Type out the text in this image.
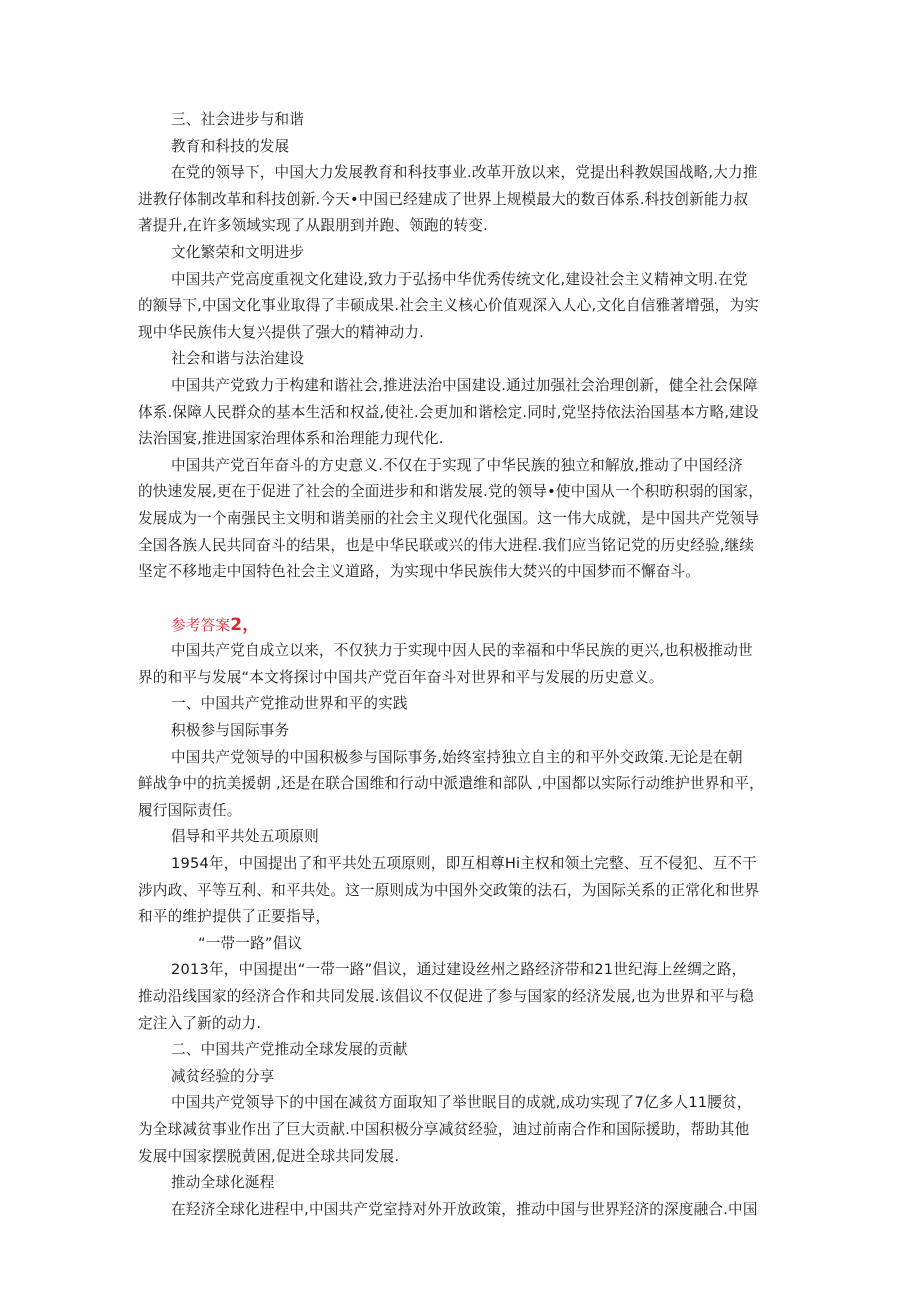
三、社会进步与和谐
教育和科技的发展
在党的领导下，中国大力发展教育和科技事业.改革开放以来，党提出科教娱国战略,大力推
进教仔体制改革和科技创新.今天•中国已经建成了世界上规模最大的数百体系.科技创新能力叔
著提升,在许多领域实现了从跟朋到并跑、领跑的转变.
文化繁荣和文明进步
中国共产党高度重视文化建设,致力于弘扬中华优秀传统文化,建设社会主义精神文明.在党
的额导下,中国文化事业取得了丰硕成果.社会主义核心价值观深入人心,文化自信雅著增强，为实
现中华民族伟大复兴提供了强大的精神动力.
社会和谐与法治建设
中国共产党致力于构建和谐社会,推进法治中国建设.通过加强社会治理创新，健全社会保障
体系.保障人民群众的基本生活和权益,使社.会更加和谐桧定.同时,党坚持依法治国基本方略,建设
法治国宴,推进国家治理体系和治理能力现代化.
中国共产党百年奋斗的方史意义.不仅在于实现了中华民族的独立和解放,推动了中国经济
的快速发展,更在于促进了社会的全面进步和和谐发展.党的领导•使中国从一个积昉积弱的国家，
发展成为一个南强民主文明和谐美丽的社会主义现代化强国。这一伟大成就，是中国共产党领导
全国各族人民共同奋斗的结果，也是中华民联或兴的伟大进程.我们应当铭记党的历史经验,继续
坚定不移地走中国特色社会主义道路，为实现中华民族伟大焚兴的中国梦而不懈奋斗。
参考答案2，
中国共产党自成立以来，不仅狭力于实现中因人民的幸福和中华民族的更兴,也积极推动世
界的和平与发展“本文将探讨中国共产党百年奋斗对世界和平与发展的历史意义。
一、中国共产党推动世界和平的实践
积极参与国际事务
中国共产党领导的中国积极参与国际事务,始终室持独立自主的和平外交政策.无论是在朝
鲜战争中的抗美援朝 ,还是在联合国维和行动中派遣维和部队 ,中国都以实际行动维护世界和平，
履行国际责任。
倡导和平共处五项原则
1954年，中国提出了和平共处五项原则，即互相尊Hi主权和领土完整、互不侵犯、互不干
涉内政、平等互利、和平共处。这一原则成为中国外交政策的法石，为国际关系的正常化和世界
和平的维护提供了正要指导，
“一带一路”倡议
2013年，中国提出“一带一路”倡议，通过建设丝州之路经济带和21世纪海上丝绸之路，
推动沿线国家的经济合作和共同发展.该倡议不仅促进了参与国家的经济发展,也为世界和平与稳
定注入了新的动力.
二、中国共产党推动全球发展的贡献
减贫经验的分享
中国共产党领导下的中国在减贫方面取知了举世眠目的成就,成功实现了7亿多人11腰贫，
为全球减贫事业作出了巨大贡献.中国积极分享减贫经验，迪过前南合作和国际援助，帮助其他
发展中国家摆脱黄困,促进全球共同发展.
推动全球化涎程
在羟济全球化进程中,中国共产党室持对外开放政策，推动中国与世界羟济的深度融合.中国
